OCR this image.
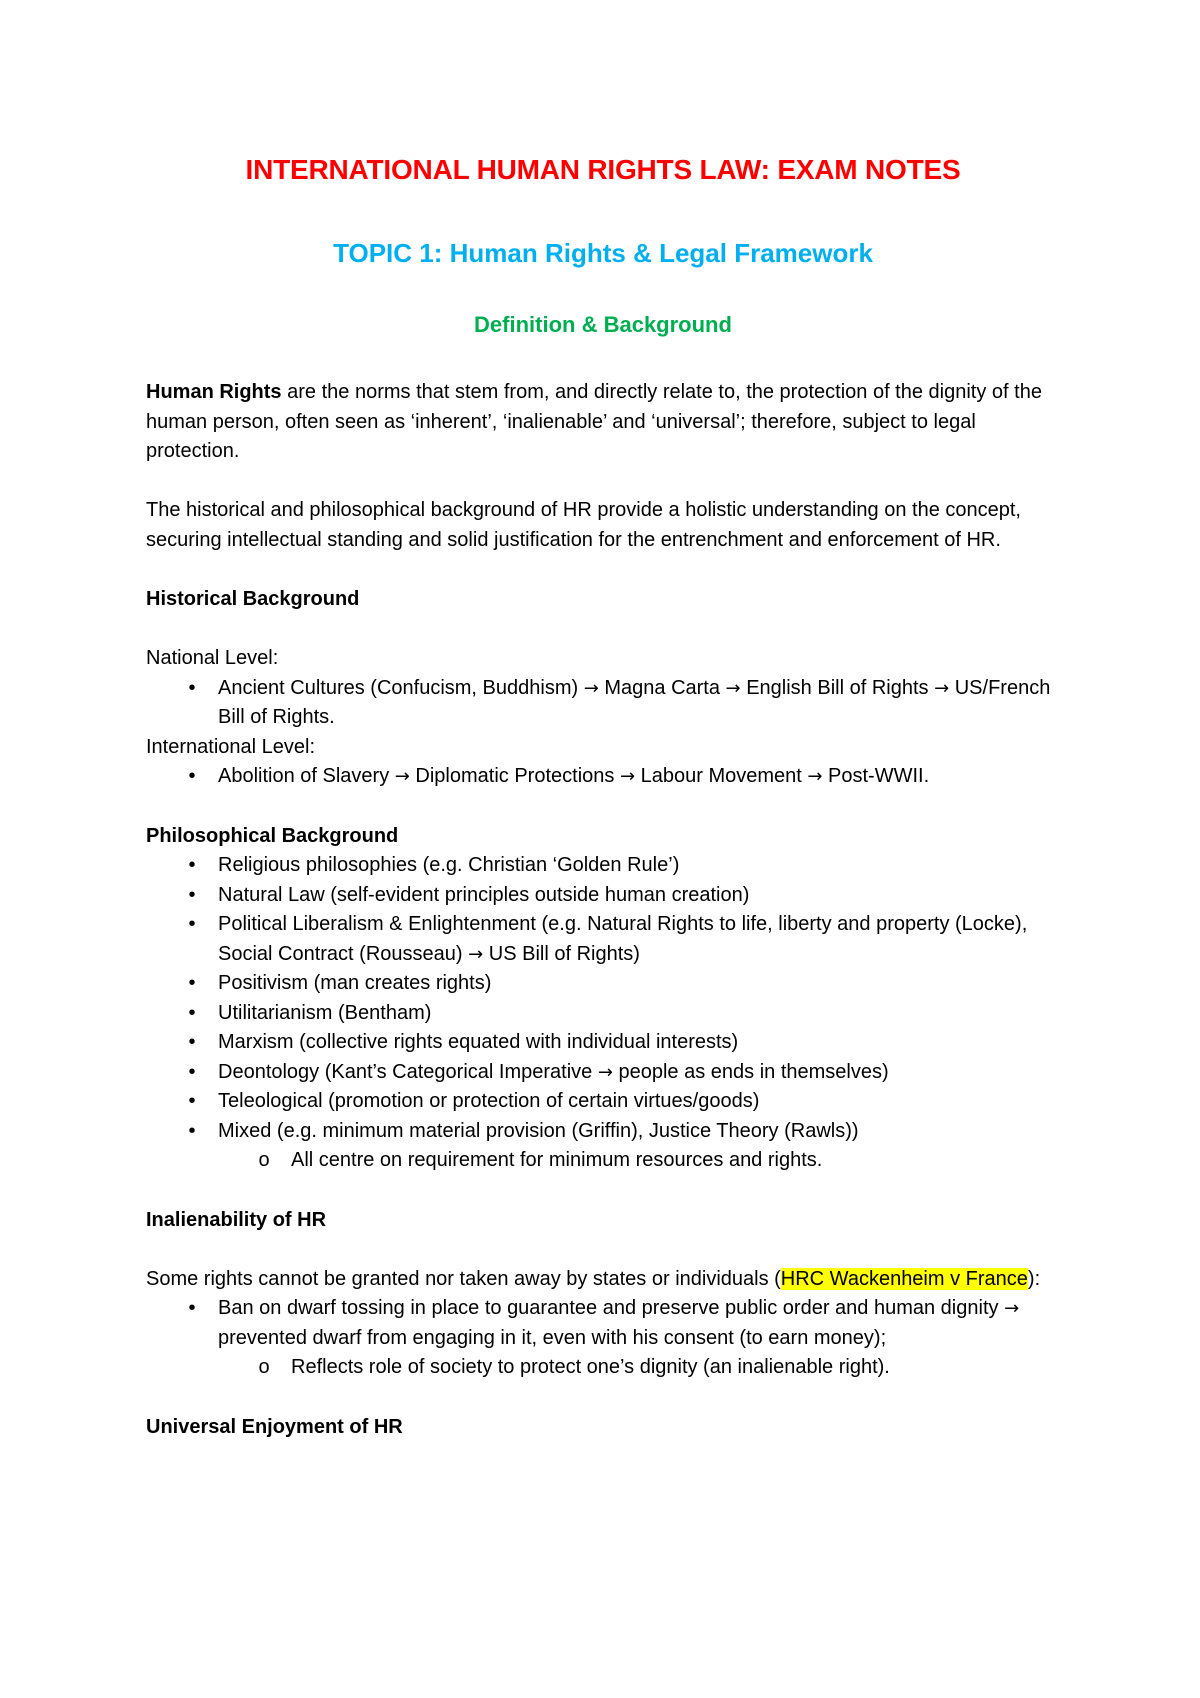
INTERNATIONAL HUMAN RIGHTS LAW: EXAM NOTES
TOPIC 1: Human Rights & Legal Framework
Definition & Background

Human Rights are the norms that stem from, and directly relate to, the protection of the dignity of the human person, often seen as ‘inherent’, ‘inalienable’ and ‘universal’; therefore, subject to legal protection.

The historical and philosophical background of HR provide a holistic understanding on the concept, securing intellectual standing and solid justification for the entrenchment and enforcement of HR.

Historical Background

National Level:

• Ancient Cultures (Confucism, Buddhism) → Magna Carta → English Bill of Rights → US/French Bill of Rights.

International Level:

• Abolition of Slavery → Diplomatic Protections → Labour Movement → Post-WWII.

Philosophical Background

• Religious philosophies (e.g. Christian ‘Golden Rule’)
• Natural Law (self-evident principles outside human creation)
• Political Liberalism & Enlightenment (e.g. Natural Rights to life, liberty and property (Locke), Social Contract (Rousseau) → US Bill of Rights)
• Positivism (man creates rights)
• Utilitarianism (Bentham)
• Marxism (collective rights equated with individual interests)
• Deontology (Kant’s Categorical Imperative → people as ends in themselves)
• Teleological (promotion or protection of certain virtues/goods)
• Mixed (e.g. minimum material provision (Griffin), Justice Theory (Rawls))
o All centre on requirement for minimum resources and rights.

Inalienability of HR

Some rights cannot be granted nor taken away by states or individuals (HRC Wackenheim v France):

• Ban on dwarf tossing in place to guarantee and preserve public order and human dignity → prevented dwarf from engaging in it, even with his consent (to earn money);
o Reflects role of society to protect one’s dignity (an inalienable right).

Universal Enjoyment of HR
